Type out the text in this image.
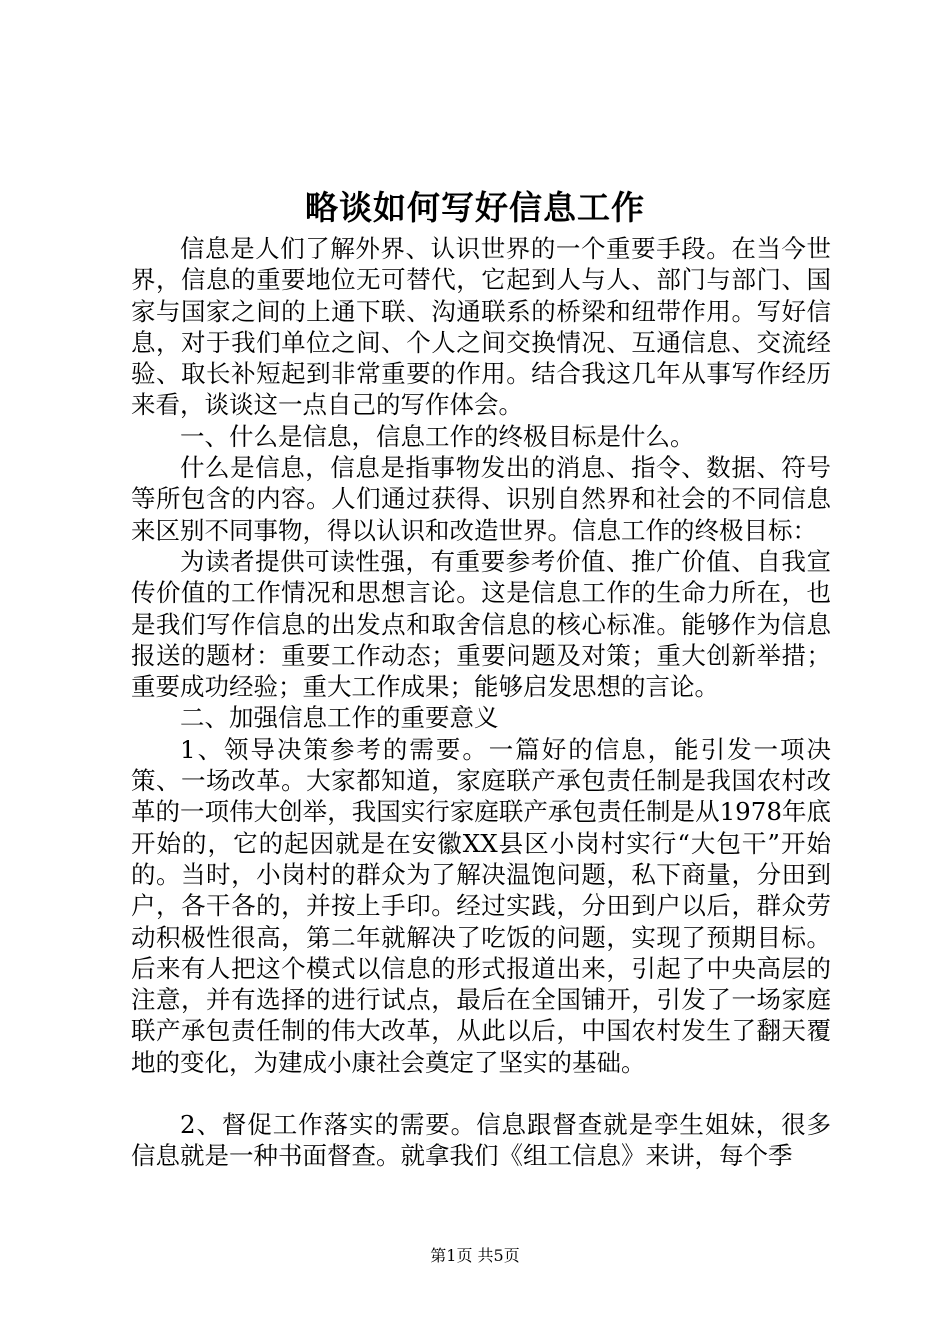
略谈如何写好信息工作

信息是人们了解外界、认识世界的一个重要手段。在当今世界，信息的重要地位无可替代，它起到人与人、部门与部门、国家与国家之间的上通下联、沟通联系的桥梁和纽带作用。写好信息，对于我们单位之间、个人之间交换情况、互通信息、交流经验、取长补短起到非常重要的作用。结合我这几年从事写作经历来看，谈谈这一点自己的写作体会。

一、什么是信息，信息工作的终极目标是什么。

什么是信息，信息是指事物发出的消息、指令、数据、符号等所包含的内容。人们通过获得、识别自然界和社会的不同信息来区别不同事物，得以认识和改造世界。信息工作的终极目标：

为读者提供可读性强，有重要参考价值、推广价值、自我宣传价值的工作情况和思想言论。这是信息工作的生命力所在，也是我们写作信息的出发点和取舍信息的核心标准。能够作为信息报送的题材：重要工作动态；重要问题及对策；重大创新举措；重要成功经验；重大工作成果；能够启发思想的言论。

二、加强信息工作的重要意义

1、领导决策参考的需要。一篇好的信息，能引发一项决策、一场改革。大家都知道，家庭联产承包责任制是我国农村改革的一项伟大创举，我国实行家庭联产承包责任制是从1978年底开始的，它的起因就是在安徽XX县区小岗村实行“大包干”开始的。当时，小岗村的群众为了解决温饱问题，私下商量，分田到户，各干各的，并按上手印。经过实践，分田到户以后，群众劳动积极性很高，第二年就解决了吃饭的问题，实现了预期目标。后来有人把这个模式以信息的形式报道出来，引起了中央高层的注意，并有选择的进行试点，最后在全国铺开，引发了一场家庭联产承包责任制的伟大改革，从此以后，中国农村发生了翻天覆地的变化，为建成小康社会奠定了坚实的基础。

2、督促工作落实的需要。信息跟督查就是孪生姐妹，很多信息就是一种书面督查。就拿我们《组工信息》来讲，每个季

第1页 共5页
